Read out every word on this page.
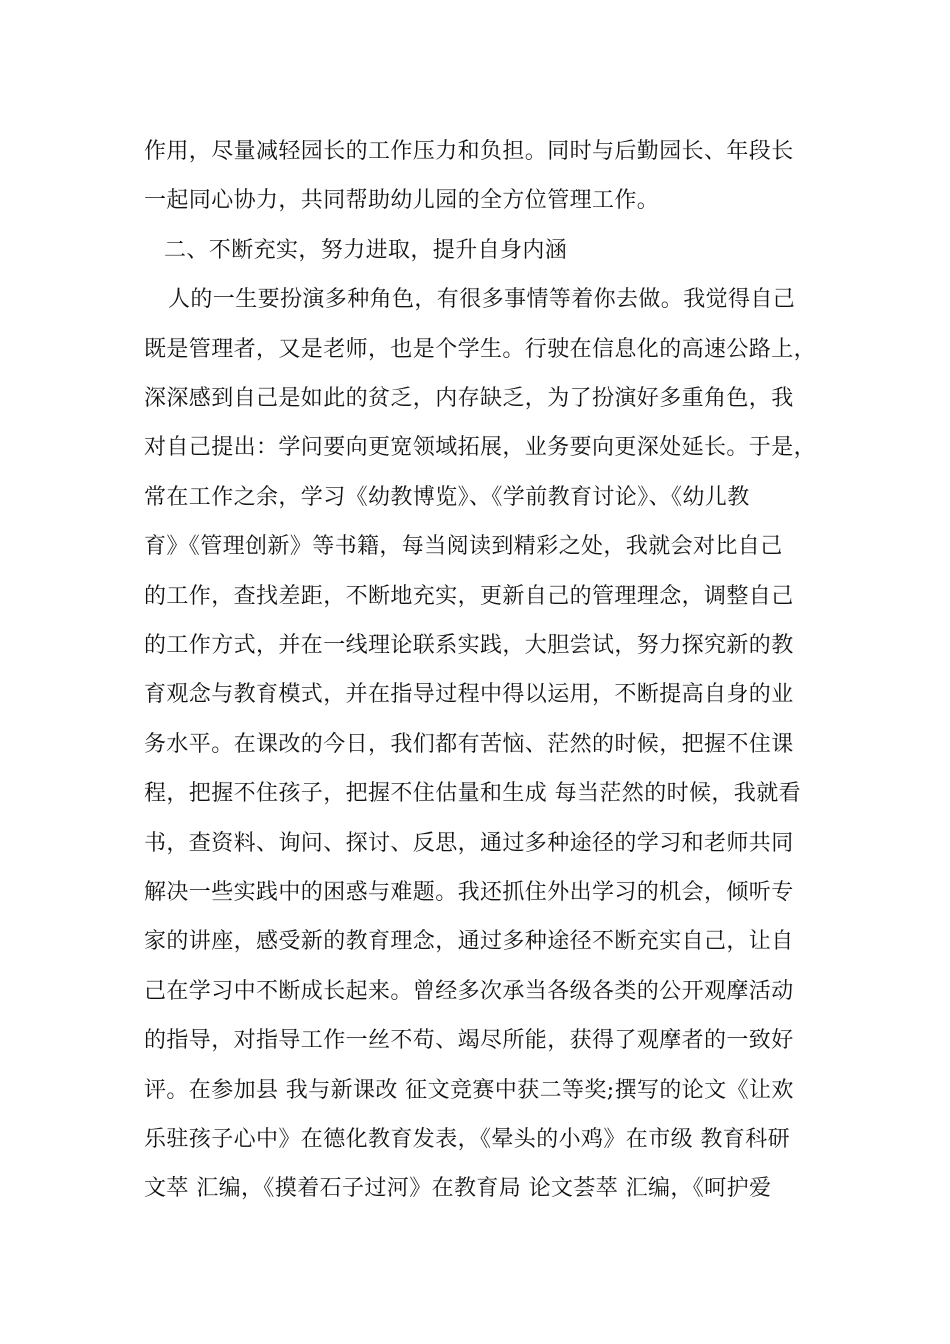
作用，尽量减轻园长的工作压力和负担。同时与后勤园长、年段长
一起同心协力，共同帮助幼儿园的全方位管理工作。
二、不断充实，努力进取，提升自身内涵
人的一生要扮演多种角色，有很多事情等着你去做。我觉得自己
既是管理者，又是老师，也是个学生。行驶在信息化的高速公路上，
深深感到自己是如此的贫乏，内存缺乏，为了扮演好多重角色，我
对自己提出：学问要向更宽领域拓展，业务要向更深处延长。于是，
常在工作之余，学习《幼教博览》、《学前教育讨论》、《幼儿教
育》《管理创新》等书籍，每当阅读到精彩之处，我就会对比自己
的工作，查找差距，不断地充实，更新自己的管理理念，调整自己
的工作方式，并在一线理论联系实践，大胆尝试，努力探究新的教
育观念与教育模式，并在指导过程中得以运用，不断提高自身的业
务水平。在课改的今日，我们都有苦恼、茫然的时候，把握不住课
程，把握不住孩子，把握不住估量和生成 每当茫然的时候，我就看
书，查资料、询问、探讨、反思，通过多种途径的学习和老师共同
解决一些实践中的困惑与难题。我还抓住外出学习的机会，倾听专
家的讲座，感受新的教育理念，通过多种途径不断充实自己，让自
己在学习中不断成长起来。曾经多次承当各级各类的公开观摩活动
的指导，对指导工作一丝不苟、竭尽所能，获得了观摩者的一致好
评。在参加县 我与新课改 征文竞赛中获二等奖;撰写的论文《让欢
乐驻孩子心中》在德化教育发表，《晕头的小鸡》在市级 教育科研
文萃 汇编，《摸着石子过河》在教育局 论文荟萃 汇编，《呵护爱
